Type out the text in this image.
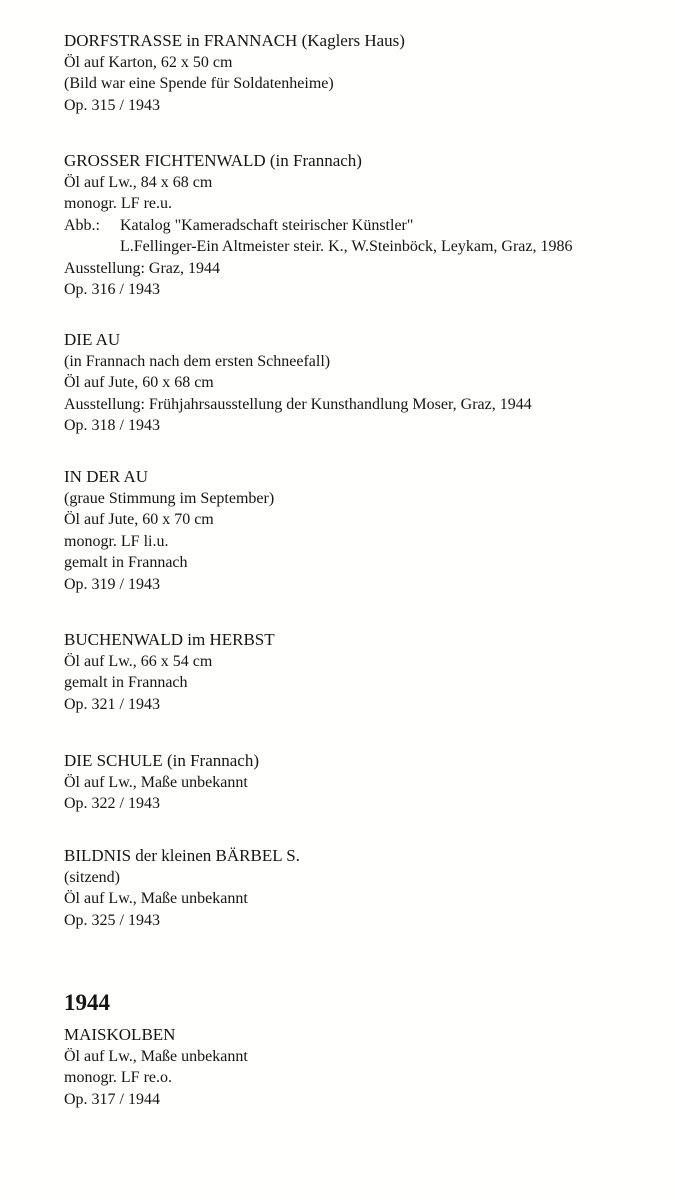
DORFSTRASSE in FRANNACH (Kaglers Haus)
Öl auf Karton, 62 x 50 cm
(Bild war eine Spende für Soldatenheime)
Op. 315 / 1943
GROSSER FICHTENWALD (in Frannach)
Öl auf Lw., 84 x 68 cm
monogr. LF re.u.
Abb.: Katalog "Kameradschaft steirischer Künstler"
L.Fellinger-Ein Altmeister steir. K., W.Steinböck, Leykam, Graz, 1986
Ausstellung: Graz, 1944
Op. 316 / 1943
DIE AU
(in Frannach nach dem ersten Schneefall)
Öl auf Jute, 60 x 68 cm
Ausstellung: Frühjahrsausstellung der Kunsthandlung Moser, Graz, 1944
Op. 318 / 1943
IN DER AU
(graue Stimmung im September)
Öl auf Jute, 60 x 70 cm
monogr. LF li.u.
gemalt in Frannach
Op. 319 / 1943
BUCHENWALD im HERBST
Öl auf Lw., 66 x 54 cm
gemalt in Frannach
Op. 321 / 1943
DIE SCHULE (in Frannach)
Öl auf Lw., Maße unbekannt
Op. 322 / 1943
BILDNIS der kleinen BÄRBEL S.
(sitzend)
Öl auf Lw., Maße unbekannt
Op. 325 / 1943
1944
MAISKOLBEN
Öl auf Lw., Maße unbekannt
monogr. LF re.o.
Op. 317 / 1944
